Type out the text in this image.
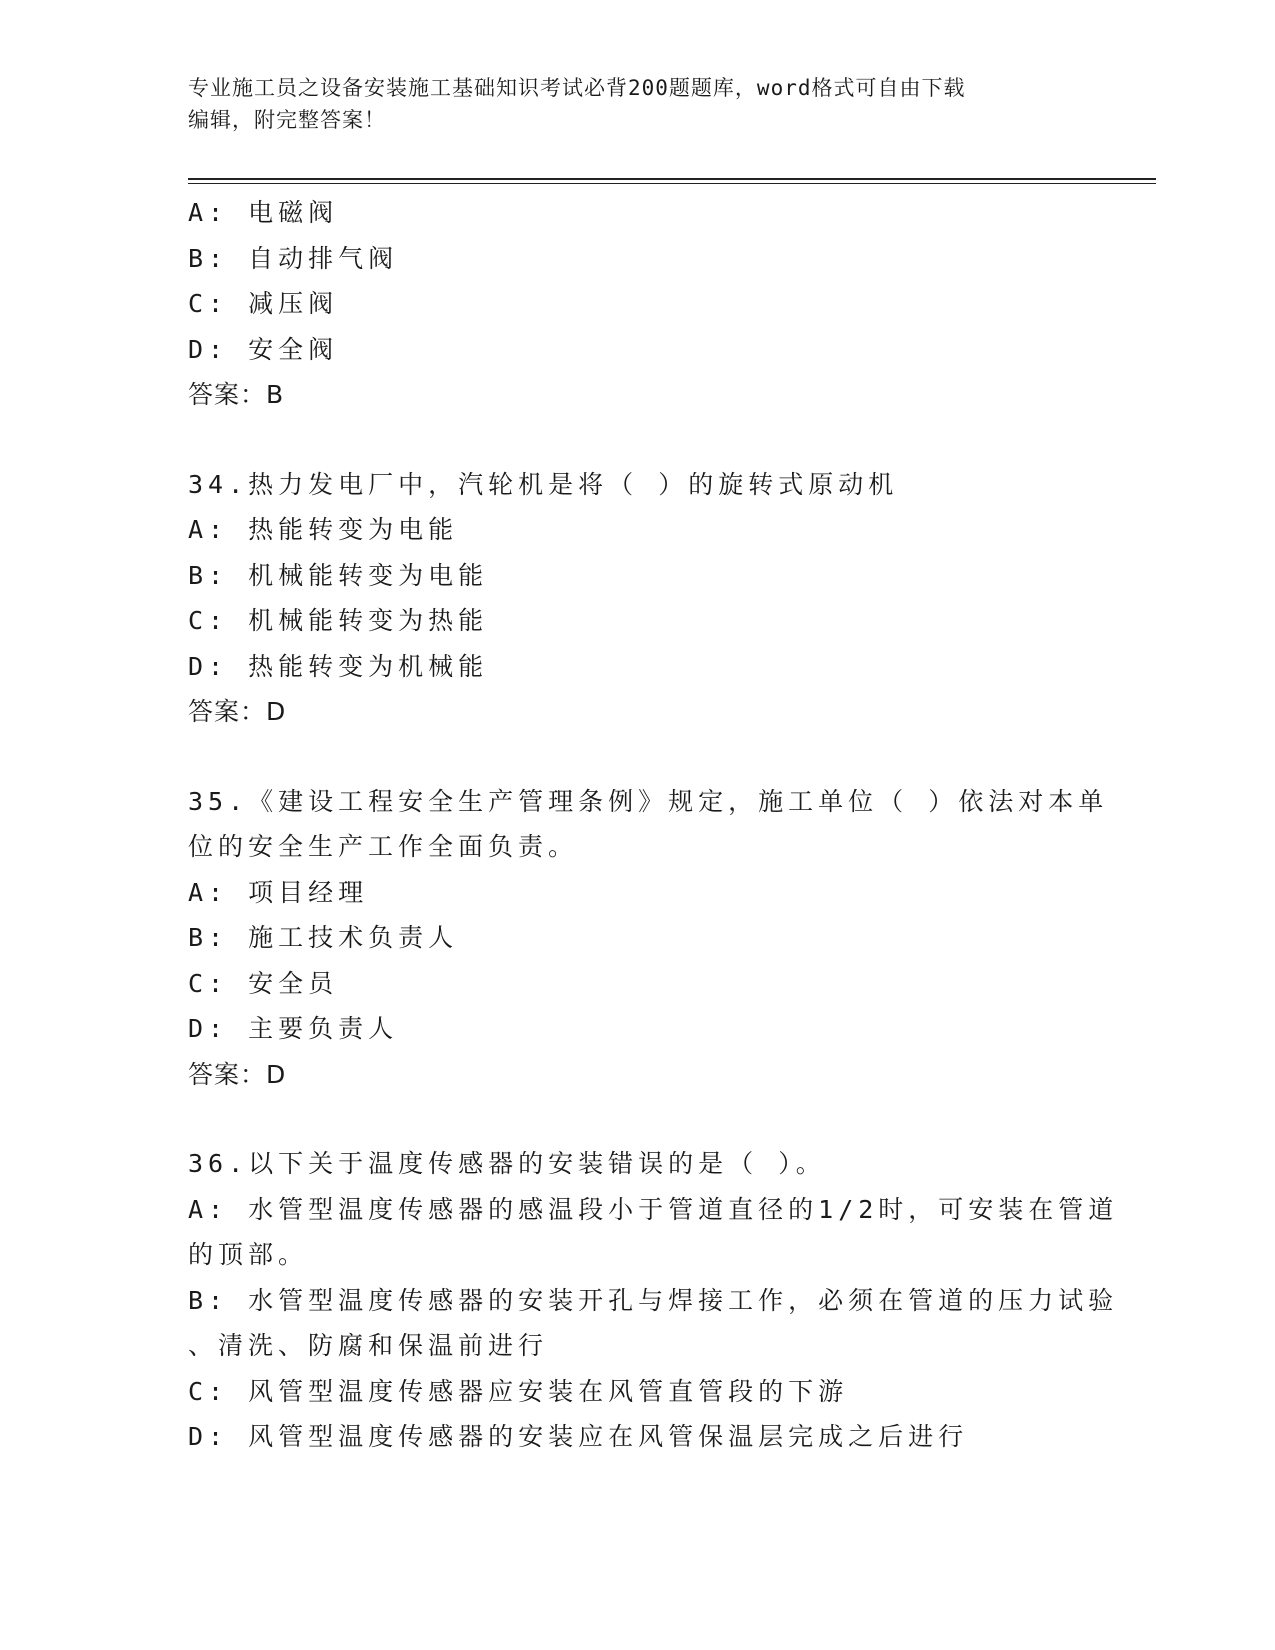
专业施工员之设备安装施工基础知识考试必背200题题库，word格式可自由下载
编辑，附完整答案！
A: 电磁阀
B: 自动排气阀
C: 减压阀
D: 安全阀
答案：B
34.热力发电厂中，汽轮机是将（ ）的旋转式原动机
A: 热能转变为电能
B: 机械能转变为电能
C: 机械能转变为热能
D: 热能转变为机械能
答案：D
35.《建设工程安全生产管理条例》规定，施工单位（ ）依法对本单
位的安全生产工作全面负责。
A: 项目经理
B: 施工技术负责人
C: 安全员
D: 主要负责人
答案：D
36.以下关于温度传感器的安装错误的是（ ）。
A: 水管型温度传感器的感温段小于管道直径的1/2时，可安装在管道
的顶部。
B: 水管型温度传感器的安装开孔与焊接工作，必须在管道的压力试验
、清洗、防腐和保温前进行
C: 风管型温度传感器应安装在风管直管段的下游
D: 风管型温度传感器的安装应在风管保温层完成之后进行
